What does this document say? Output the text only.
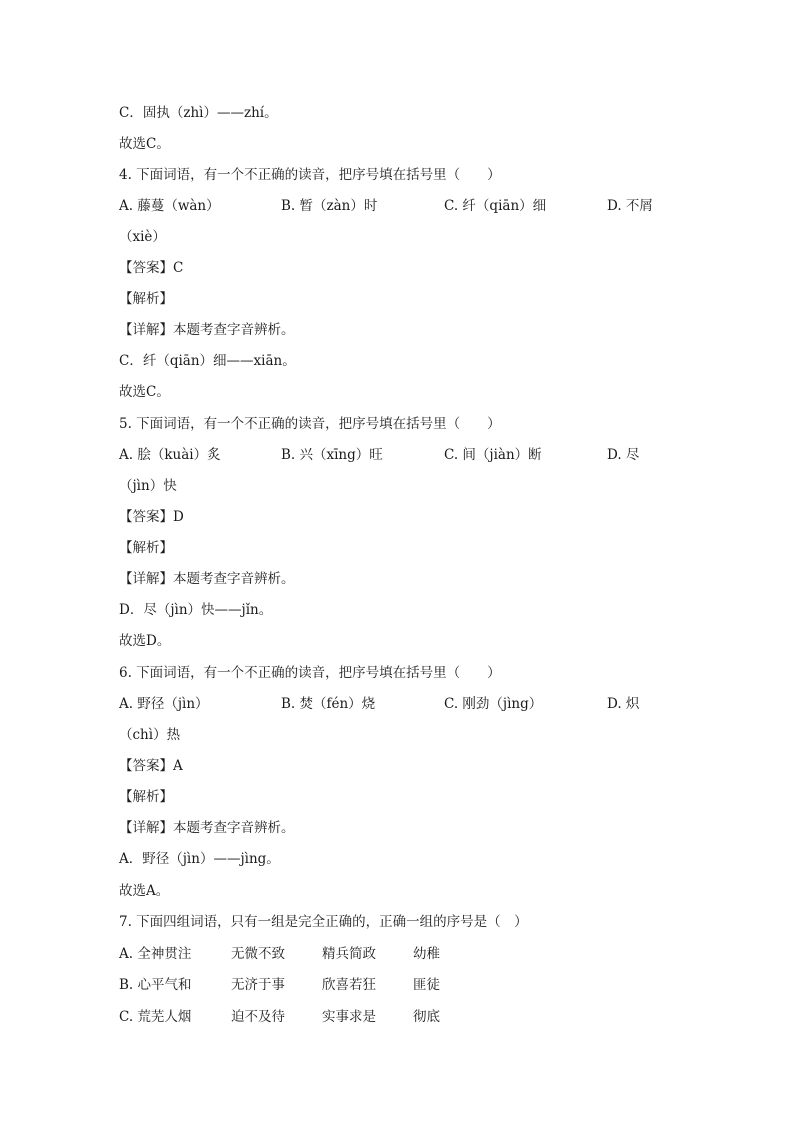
C．固执（zhì）——zhí。
故选C。
4. 下面词语，有一个不正确的读音，把序号填在括号里（　　）
A. 藤蔓（wàn）	B. 暂（zàn）时	C. 纤（qiān）细	D. 不屑
（xiè）
【答案】C
【解析】
【详解】本题考查字音辨析。
C．纤（qiān）细——xiān。
故选C。
5. 下面词语，有一个不正确的读音，把序号填在括号里（　　）
A. 脍（kuài）炙	B. 兴（xīng）旺	C. 间（jiàn）断	D. 尽
（jìn）快
【答案】D
【解析】
【详解】本题考查字音辨析。
D．尽（jìn）快——jǐn。
故选D。
6. 下面词语，有一个不正确的读音，把序号填在括号里（　　）
A. 野径（jìn）	B. 焚（fén）烧	C. 刚劲（jìng）	D. 炽
（chì）热
【答案】A
【解析】
【详解】本题考查字音辨析。
A．野径（jìn）——jìng。
故选A。
7. 下面四组词语，只有一组是完全正确的，正确一组的序号是（　）
A. 全神贯注	无微不致	精兵简政	幼稚
B. 心平气和	无济于事	欣喜若狂	匪徒
C. 荒芜人烟	迫不及待	实事求是	彻底
